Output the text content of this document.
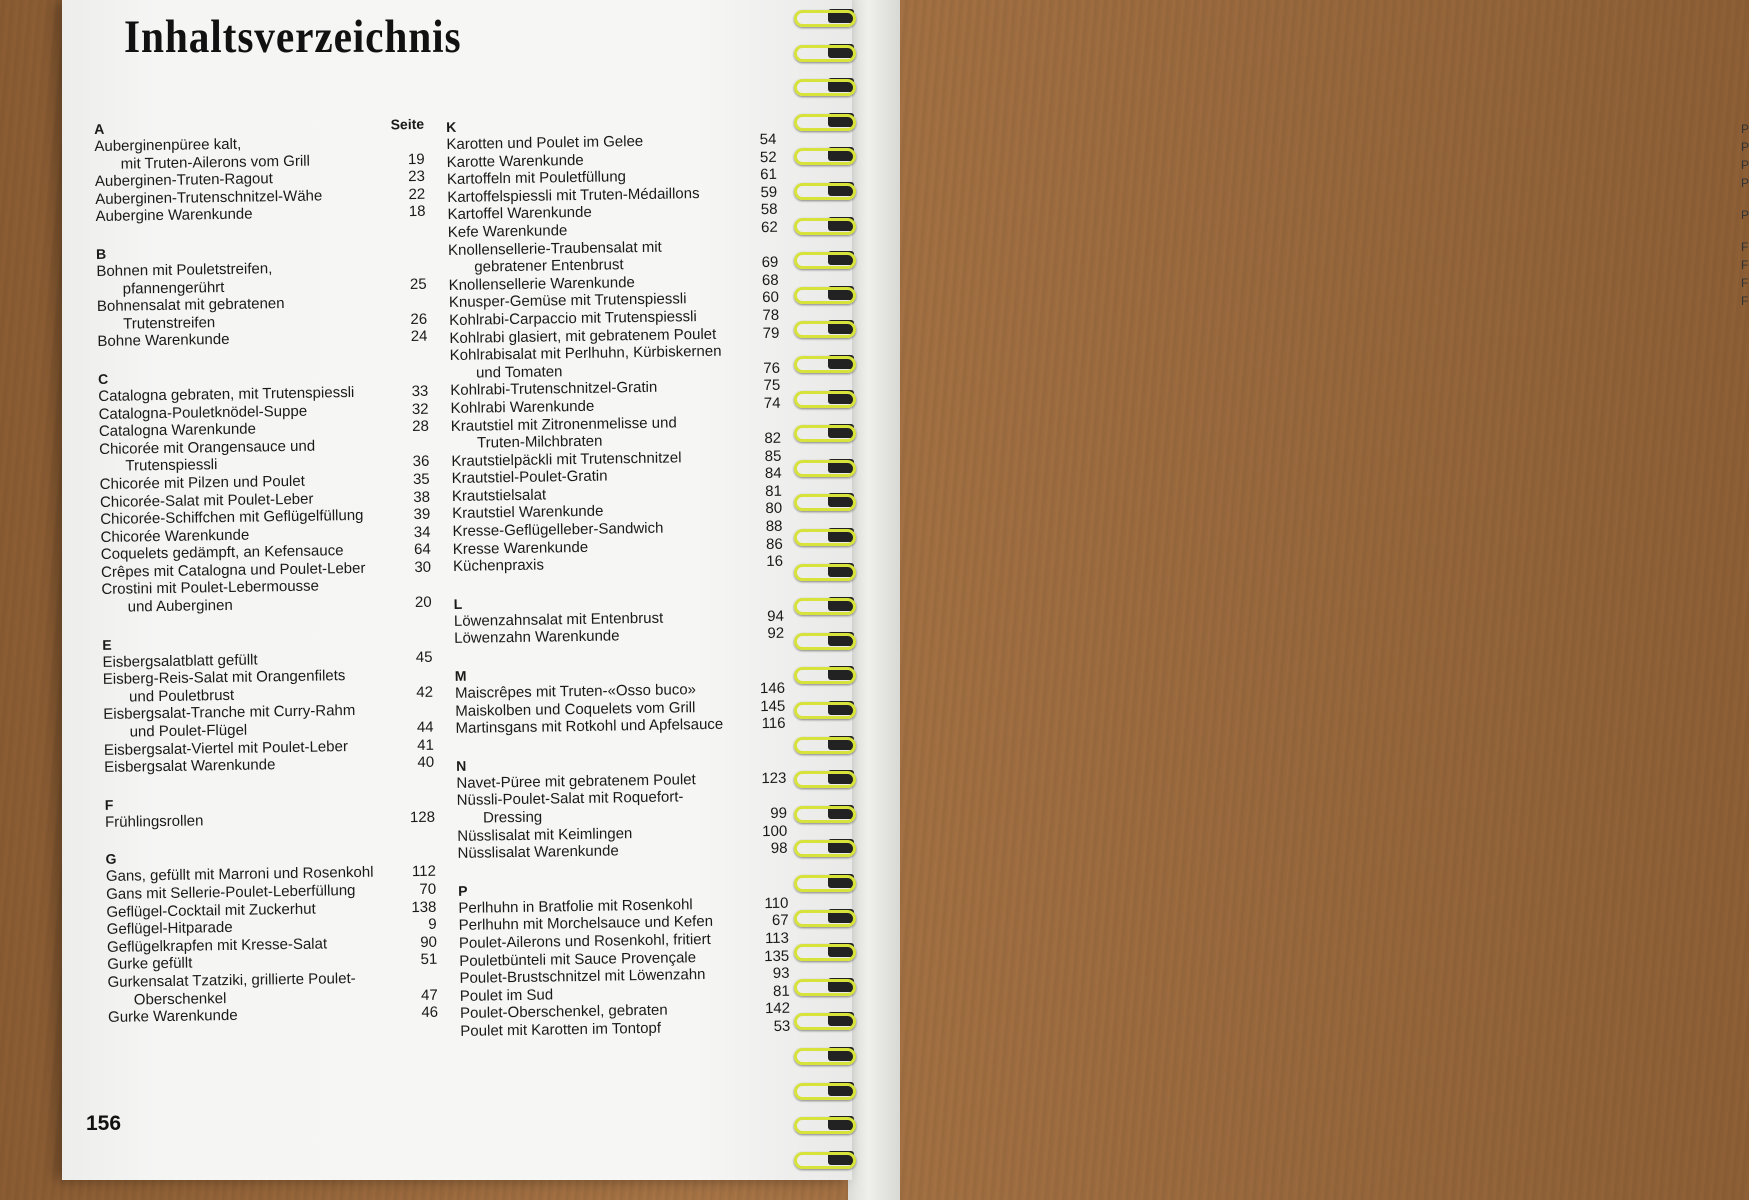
P
P
P
P
P
F
F
F
F
Inhaltsverzeichnis
A	Seite
Auberginenpüree kalt,
mit Truten-Ailerons vom Grill	19
Auberginen-Truten-Ragout	23
Auberginen-Trutenschnitzel-Wähe	22
Aubergine Warenkunde	18
B
Bohnen mit Pouletstreifen,
pfannengerührt	25
Bohnensalat mit gebratenen
Trutenstreifen	26
Bohne Warenkunde	24
C
Catalogna gebraten, mit Trutenspiessli	33
Catalogna-Pouletknödel-Suppe	32
Catalogna Warenkunde	28
Chicorée mit Orangensauce und
Trutenspiessli	36
Chicorée mit Pilzen und Poulet	35
Chicorée-Salat mit Poulet-Leber	38
Chicorée-Schiffchen mit Geflügelfüllung	39
Chicorée Warenkunde	34
Coquelets gedämpft, an Kefensauce	64
Crêpes mit Catalogna und Poulet-Leber	30
Crostini mit Poulet-Lebermousse
und Auberginen	20
E
Eisbergsalatblatt gefüllt	45
Eisberg-Reis-Salat mit Orangenfilets
und Pouletbrust	42
Eisbergsalat-Tranche mit Curry-Rahm
und Poulet-Flügel	44
Eisbergsalat-Viertel mit Poulet-Leber	41
Eisbergsalat Warenkunde	40
F
Frühlingsrollen	128
G
Gans, gefüllt mit Marroni und Rosenkohl	112
Gans mit Sellerie-Poulet-Leberfüllung	70
Geflügel-Cocktail mit Zuckerhut	138
Geflügel-Hitparade	9
Geflügelkrapfen mit Kresse-Salat	90
Gurke gefüllt	51
Gurkensalat Tzatziki, grillierte Poulet-
Oberschenkel	47
Gurke Warenkunde	46
K
Karotten und Poulet im Gelee	54
Karotte Warenkunde	52
Kartoffeln mit Pouletfüllung	61
Kartoffelspiessli mit Truten-Médaillons	59
Kartoffel Warenkunde	58
Kefe Warenkunde	62
Knollensellerie-Traubensalat mit
gebratener Entenbrust	69
Knollensellerie Warenkunde	68
Knusper-Gemüse mit Trutenspiessli	60
Kohlrabi-Carpaccio mit Trutenspiessli	78
Kohlrabi glasiert, mit gebratenem Poulet	79
Kohlrabisalat mit Perlhuhn, Kürbiskernen
und Tomaten	76
Kohlrabi-Trutenschnitzel-Gratin	75
Kohlrabi Warenkunde	74
Krautstiel mit Zitronenmelisse und
Truten-Milchbraten	82
Krautstielpäckli mit Trutenschnitzel	85
Krautstiel-Poulet-Gratin	84
Krautstielsalat	81
Krautstiel Warenkunde	80
Kresse-Geflügelleber-Sandwich	88
Kresse Warenkunde	86
Küchenpraxis	16
L
Löwenzahnsalat mit Entenbrust	94
Löwenzahn Warenkunde	92
M
Maiscrêpes mit Truten-«Osso buco»	146
Maiskolben und Coquelets vom Grill	145
Martinsgans mit Rotkohl und Apfelsauce	116
N
Navet-Püree mit gebratenem Poulet	123
Nüssli-Poulet-Salat mit Roquefort-
Dressing	99
Nüsslisalat mit Keimlingen	100
Nüsslisalat Warenkunde	98
P
Perlhuhn in Bratfolie mit Rosenkohl	110
Perlhuhn mit Morchelsauce und Kefen	67
Poulet-Ailerons und Rosenkohl, fritiert	113
Pouletbünteli mit Sauce Provençale	135
Poulet-Brustschnitzel mit Löwenzahn	93
Poulet im Sud	81
Poulet-Oberschenkel, gebraten	142
Poulet mit Karotten im Tontopf	53
156
